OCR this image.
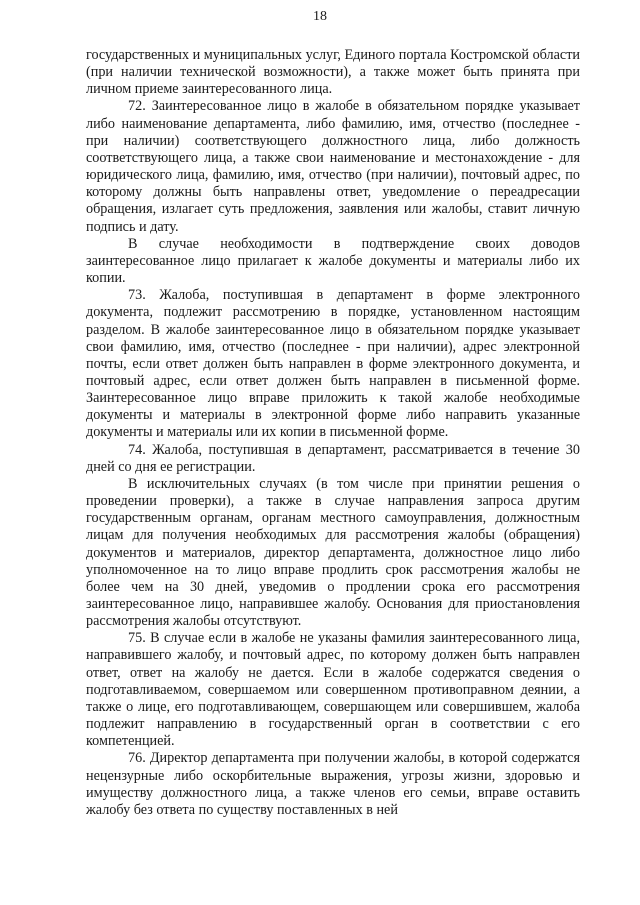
18

государственных и муниципальных услуг, Единого портала Костромской области (при наличии технической возможности), а также может быть принята при личном приеме заинтересованного лица.

72. Заинтересованное лицо в жалобе в обязательном порядке указывает либо наименование департамента, либо фамилию, имя, отчество (последнее - при наличии) соответствующего должностного лица, либо должность соответствующего лица, а также свои наименование и местонахождение - для юридического лица, фамилию, имя, отчество (при наличии), почтовый адрес, по которому должны быть направлены ответ, уведомление о переадресации обращения, излагает суть предложения, заявления или жалобы, ставит личную подпись и дату.

В случае необходимости в подтверждение своих доводов заинтересованное лицо прилагает к жалобе документы и материалы либо их копии.

73. Жалоба, поступившая в департамент в форме электронного документа, подлежит рассмотрению в порядке, установленном настоящим разделом. В жалобе заинтересованное лицо в обязательном порядке указывает свои фамилию, имя, отчество (последнее - при наличии), адрес электронной почты, если ответ должен быть направлен в форме электронного документа, и почтовый адрес, если ответ должен быть направлен в письменной форме. Заинтересованное лицо вправе приложить к такой жалобе необходимые документы и материалы в электронной форме либо направить указанные документы и материалы или их копии в письменной форме.

74. Жалоба, поступившая в департамент, рассматривается в течение 30 дней со дня ее регистрации.

В исключительных случаях (в том числе при принятии решения о проведении проверки), а также в случае направления запроса другим государственным органам, органам местного самоуправления, должностным лицам для получения необходимых для рассмотрения жалобы (обращения) документов и материалов, директор департамента, должностное лицо либо уполномоченное на то лицо вправе продлить срок рассмотрения жалобы не более чем на 30 дней, уведомив о продлении срока его рассмотрения заинтересованное лицо, направившее жалобу. Основания для приостановления рассмотрения жалобы отсутствуют.

75. В случае если в жалобе не указаны фамилия заинтересованного лица, направившего жалобу, и почтовый адрес, по которому должен быть направлен ответ, ответ на жалобу не дается. Если в жалобе содержатся сведения о подготавливаемом, совершаемом или совершенном противоправном деянии, а также о лице, его подготавливающем, совершающем или совершившем, жалоба подлежит направлению в государственный орган в соответствии с его компетенцией.

76. Директор департамента при получении жалобы, в которой содержатся нецензурные либо оскорбительные выражения, угрозы жизни, здоровью и имуществу должностного лица, а также членов его семьи, вправе оставить жалобу без ответа по существу поставленных в ней
